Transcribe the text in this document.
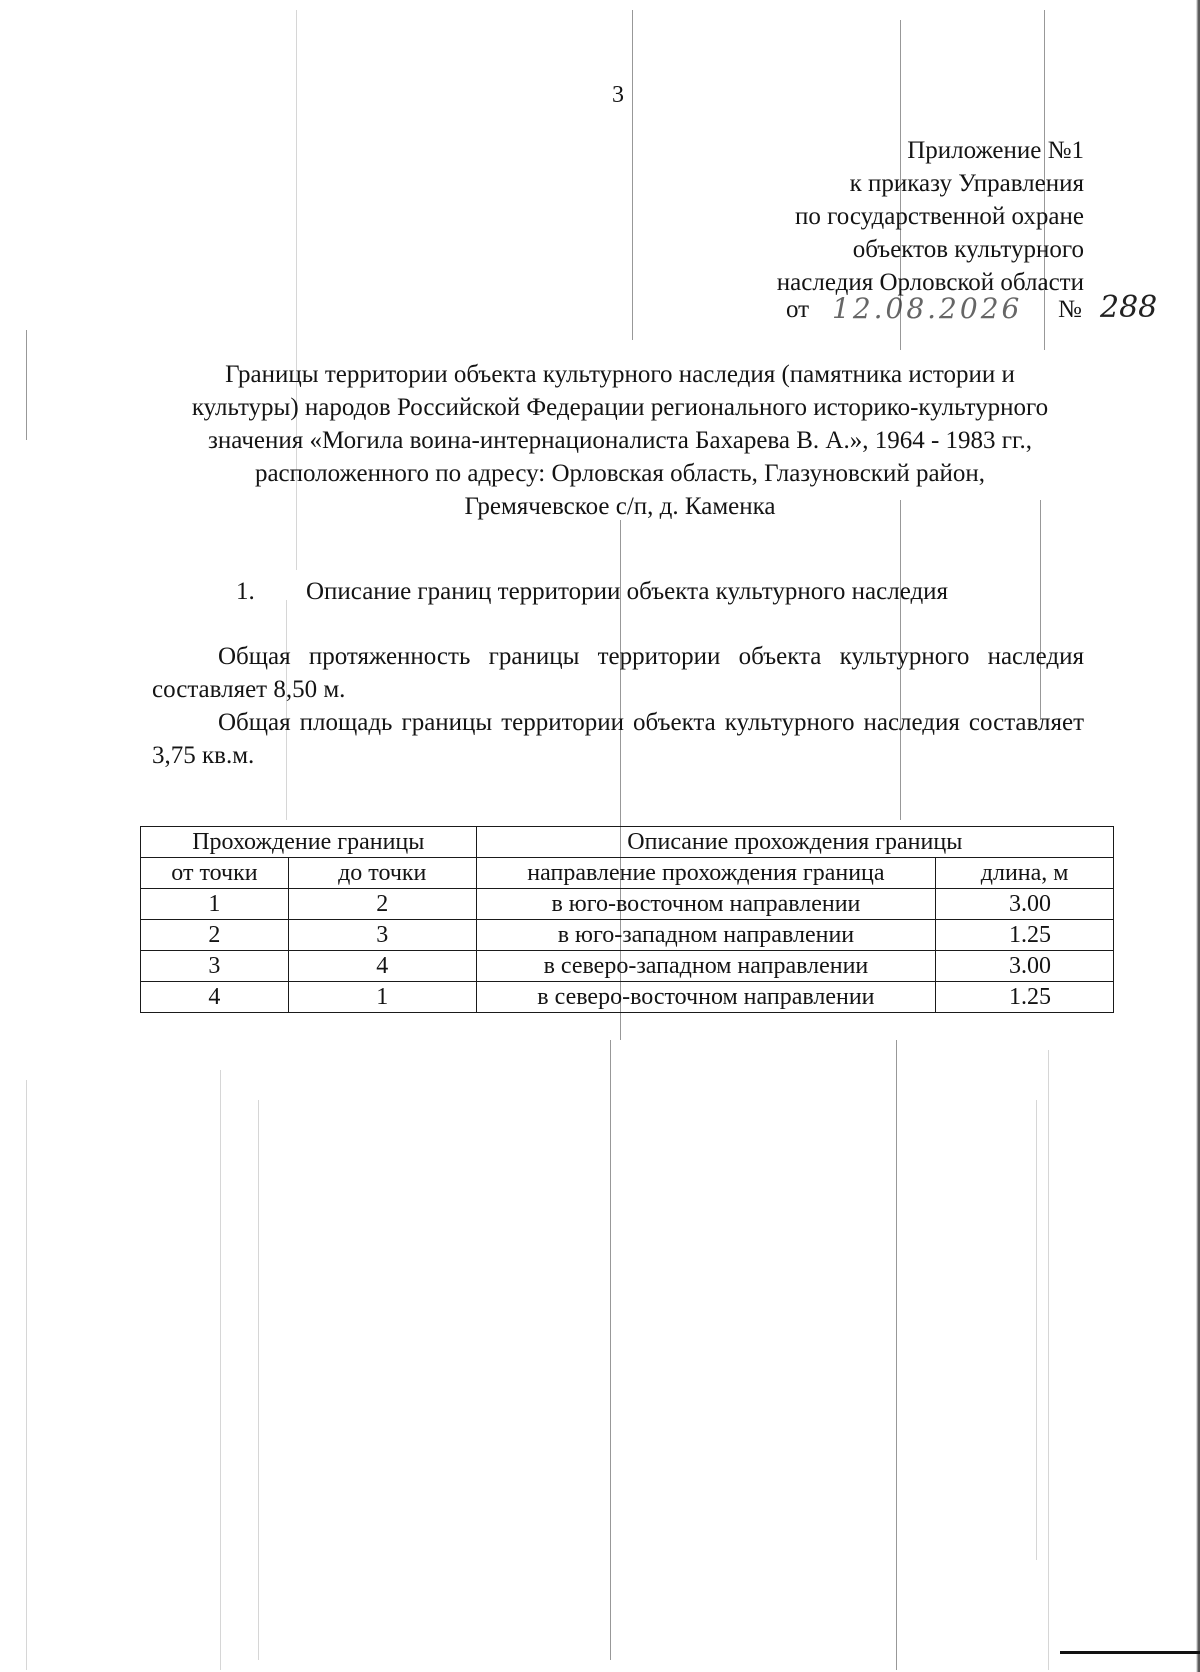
3
Приложение №1
к приказу Управления
по государственной охране
объектов культурного
наследия Орловской области
от 12.08.2026 № 288
Границы территории объекта культурного наследия (памятника истории и
культуры) народов Российской Федерации регионального историко-культурного
значения «Могила воина-интернационалиста Бахарева В. А.», 1964 - 1983 гг.,
расположенного по адресу: Орловская область, Глазуновский район,
Гремячевское с/п, д. Каменка
1. Описание границ территории объекта культурного наследия
Общая протяженность границы территории объекта культурного наследия составляет 8,50 м.
Общая площадь границы территории объекта культурного наследия составляет 3,75 кв.м.
Прохождение границы		Описание прохождения границы	
от точки	до точки	направление прохождения граница	длина, м
1	2	в юго-восточном направлении	3.00
2	3	в юго-западном направлении	1.25
3	4	в северо-западном направлении	3.00
4	1	в северо-восточном направлении	1.25
